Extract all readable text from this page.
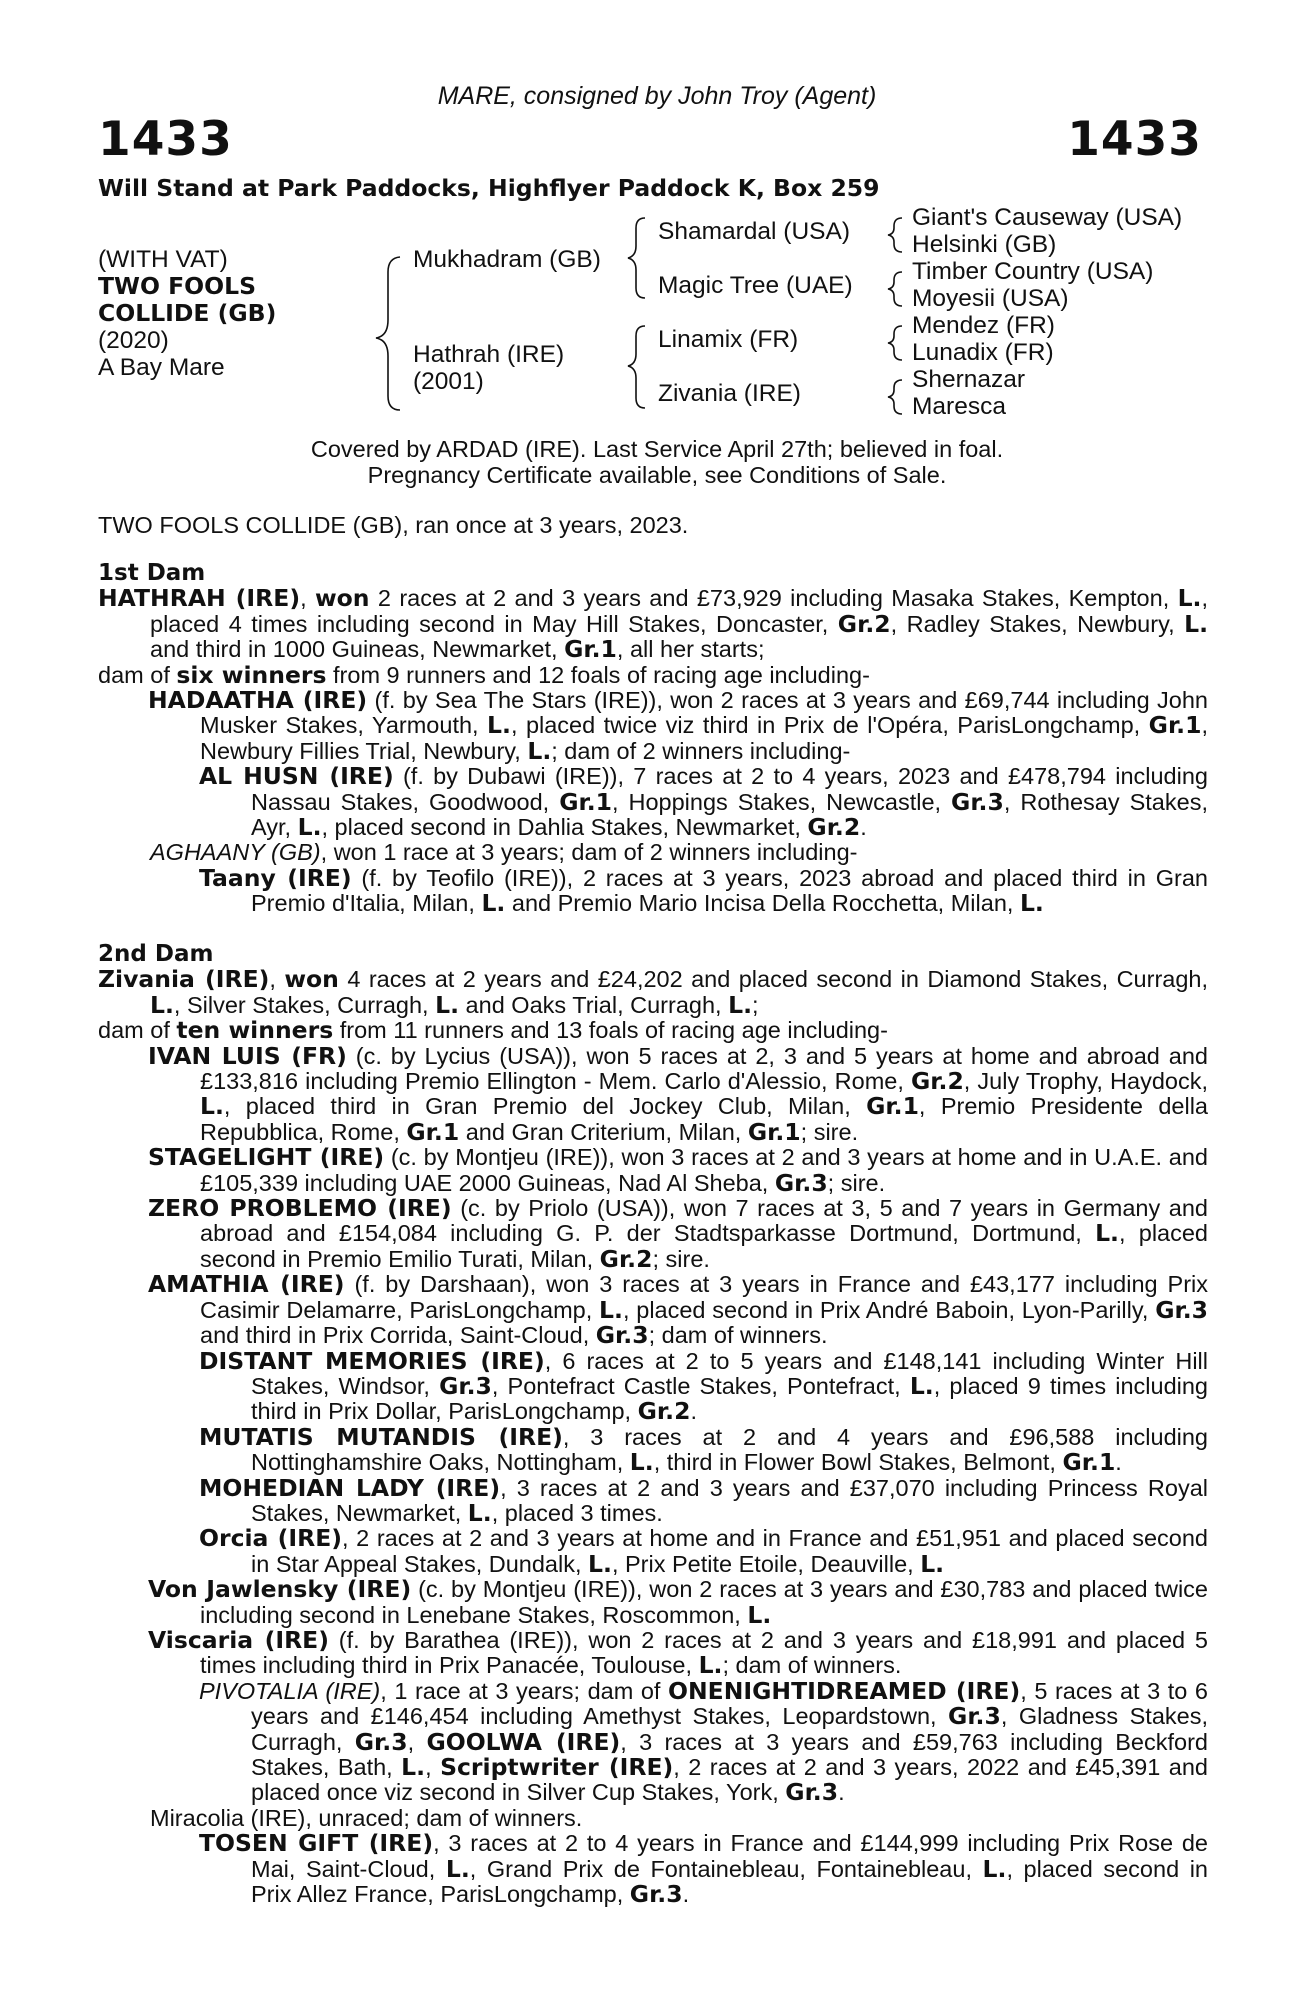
MARE, consigned by John Troy (Agent)
1433	1433
Will Stand at Park Paddocks, Highflyer Paddock K, Box 259
(WITH VAT)
TWO FOOLS
COLLIDE (GB)
(2020)
A Bay Mare
Mukhadram (GB)
Hathrah (IRE)
(2001)
Shamardal (USA)
Magic Tree (UAE)
Linamix (FR)
Zivania (IRE)
Giant's Causeway (USA)
Helsinki (GB)
Timber Country (USA)
Moyesii (USA)
Mendez (FR)
Lunadix (FR)
Shernazar
Maresca
Covered by ARDAD (IRE). Last Service April 27th; believed in foal.
Pregnancy Certificate available, see Conditions of Sale.
TWO FOOLS COLLIDE (GB), ran once at 3 years, 2023.

1st Dam

HATHRAH (IRE), won 2 races at 2 and 3 years and £73,929 including Masaka Stakes, Kempton, L., placed 4 times including second in May Hill Stakes, Doncaster, Gr.2, Radley Stakes, Newbury, L. and third in 1000 Guineas, Newmarket, Gr.1, all her starts;

dam of six winners from 9 runners and 12 foals of racing age including-

HADAATHA (IRE) (f. by Sea The Stars (IRE)), won 2 races at 3 years and £69,744 including John Musker Stakes, Yarmouth, L., placed twice viz third in Prix de l'Opéra, ParisLongchamp, Gr.1, Newbury Fillies Trial, Newbury, L.; dam of 2 winners including-

AL HUSN (IRE) (f. by Dubawi (IRE)), 7 races at 2 to 4 years, 2023 and £478,794 including Nassau Stakes, Goodwood, Gr.1, Hoppings Stakes, Newcastle, Gr.3, Rothesay Stakes, Ayr, L., placed second in Dahlia Stakes, Newmarket, Gr.2.

AGHAANY (GB), won 1 race at 3 years; dam of 2 winners including-

Taany (IRE) (f. by Teofilo (IRE)), 2 races at 3 years, 2023 abroad and placed third in Gran Premio d'Italia, Milan, L. and Premio Mario Incisa Della Rocchetta, Milan, L.

2nd Dam

Zivania (IRE), won 4 races at 2 years and £24,202 and placed second in Diamond Stakes, Curragh, L., Silver Stakes, Curragh, L. and Oaks Trial, Curragh, L.;

dam of ten winners from 11 runners and 13 foals of racing age including-

IVAN LUIS (FR) (c. by Lycius (USA)), won 5 races at 2, 3 and 5 years at home and abroad and £133,816 including Premio Ellington - Mem. Carlo d'Alessio, Rome, Gr.2, July Trophy, Haydock, L., placed third in Gran Premio del Jockey Club, Milan, Gr.1, Premio Presidente della Repubblica, Rome, Gr.1 and Gran Criterium, Milan, Gr.1; sire.

STAGELIGHT (IRE) (c. by Montjeu (IRE)), won 3 races at 2 and 3 years at home and in U.A.E. and £105,339 including UAE 2000 Guineas, Nad Al Sheba, Gr.3; sire.

ZERO PROBLEMO (IRE) (c. by Priolo (USA)), won 7 races at 3, 5 and 7 years in Germany and abroad and £154,084 including G. P. der Stadtsparkasse Dortmund, Dortmund, L., placed second in Premio Emilio Turati, Milan, Gr.2; sire.

AMATHIA (IRE) (f. by Darshaan), won 3 races at 3 years in France and £43,177 including Prix Casimir Delamarre, ParisLongchamp, L., placed second in Prix André Baboin, Lyon-Parilly, Gr.3 and third in Prix Corrida, Saint-Cloud, Gr.3; dam of winners.

DISTANT MEMORIES (IRE), 6 races at 2 to 5 years and £148,141 including Winter Hill Stakes, Windsor, Gr.3, Pontefract Castle Stakes, Pontefract, L., placed 9 times including third in Prix Dollar, ParisLongchamp, Gr.2.

MUTATIS MUTANDIS (IRE), 3 races at 2 and 4 years and £96,588 including Nottinghamshire Oaks, Nottingham, L., third in Flower Bowl Stakes, Belmont, Gr.1.

MOHEDIAN LADY (IRE), 3 races at 2 and 3 years and £37,070 including Princess Royal Stakes, Newmarket, L., placed 3 times.

Orcia (IRE), 2 races at 2 and 3 years at home and in France and £51,951 and placed second in Star Appeal Stakes, Dundalk, L., Prix Petite Etoile, Deauville, L.

Von Jawlensky (IRE) (c. by Montjeu (IRE)), won 2 races at 3 years and £30,783 and placed twice including second in Lenebane Stakes, Roscommon, L.

Viscaria (IRE) (f. by Barathea (IRE)), won 2 races at 2 and 3 years and £18,991 and placed 5 times including third in Prix Panacée, Toulouse, L.; dam of winners.

PIVOTALIA (IRE), 1 race at 3 years; dam of ONENIGHTIDREAMED (IRE), 5 races at 3 to 6 years and £146,454 including Amethyst Stakes, Leopardstown, Gr.3, Gladness Stakes, Curragh, Gr.3, GOOLWA (IRE), 3 races at 3 years and £59,763 including Beckford Stakes, Bath, L., Scriptwriter (IRE), 2 races at 2 and 3 years, 2022 and £45,391 and placed once viz second in Silver Cup Stakes, York, Gr.3.

Miracolia (IRE), unraced; dam of winners.

TOSEN GIFT (IRE), 3 races at 2 to 4 years in France and £144,999 including Prix Rose de Mai, Saint-Cloud, L., Grand Prix de Fontainebleau, Fontainebleau, L., placed second in Prix Allez France, ParisLongchamp, Gr.3.
